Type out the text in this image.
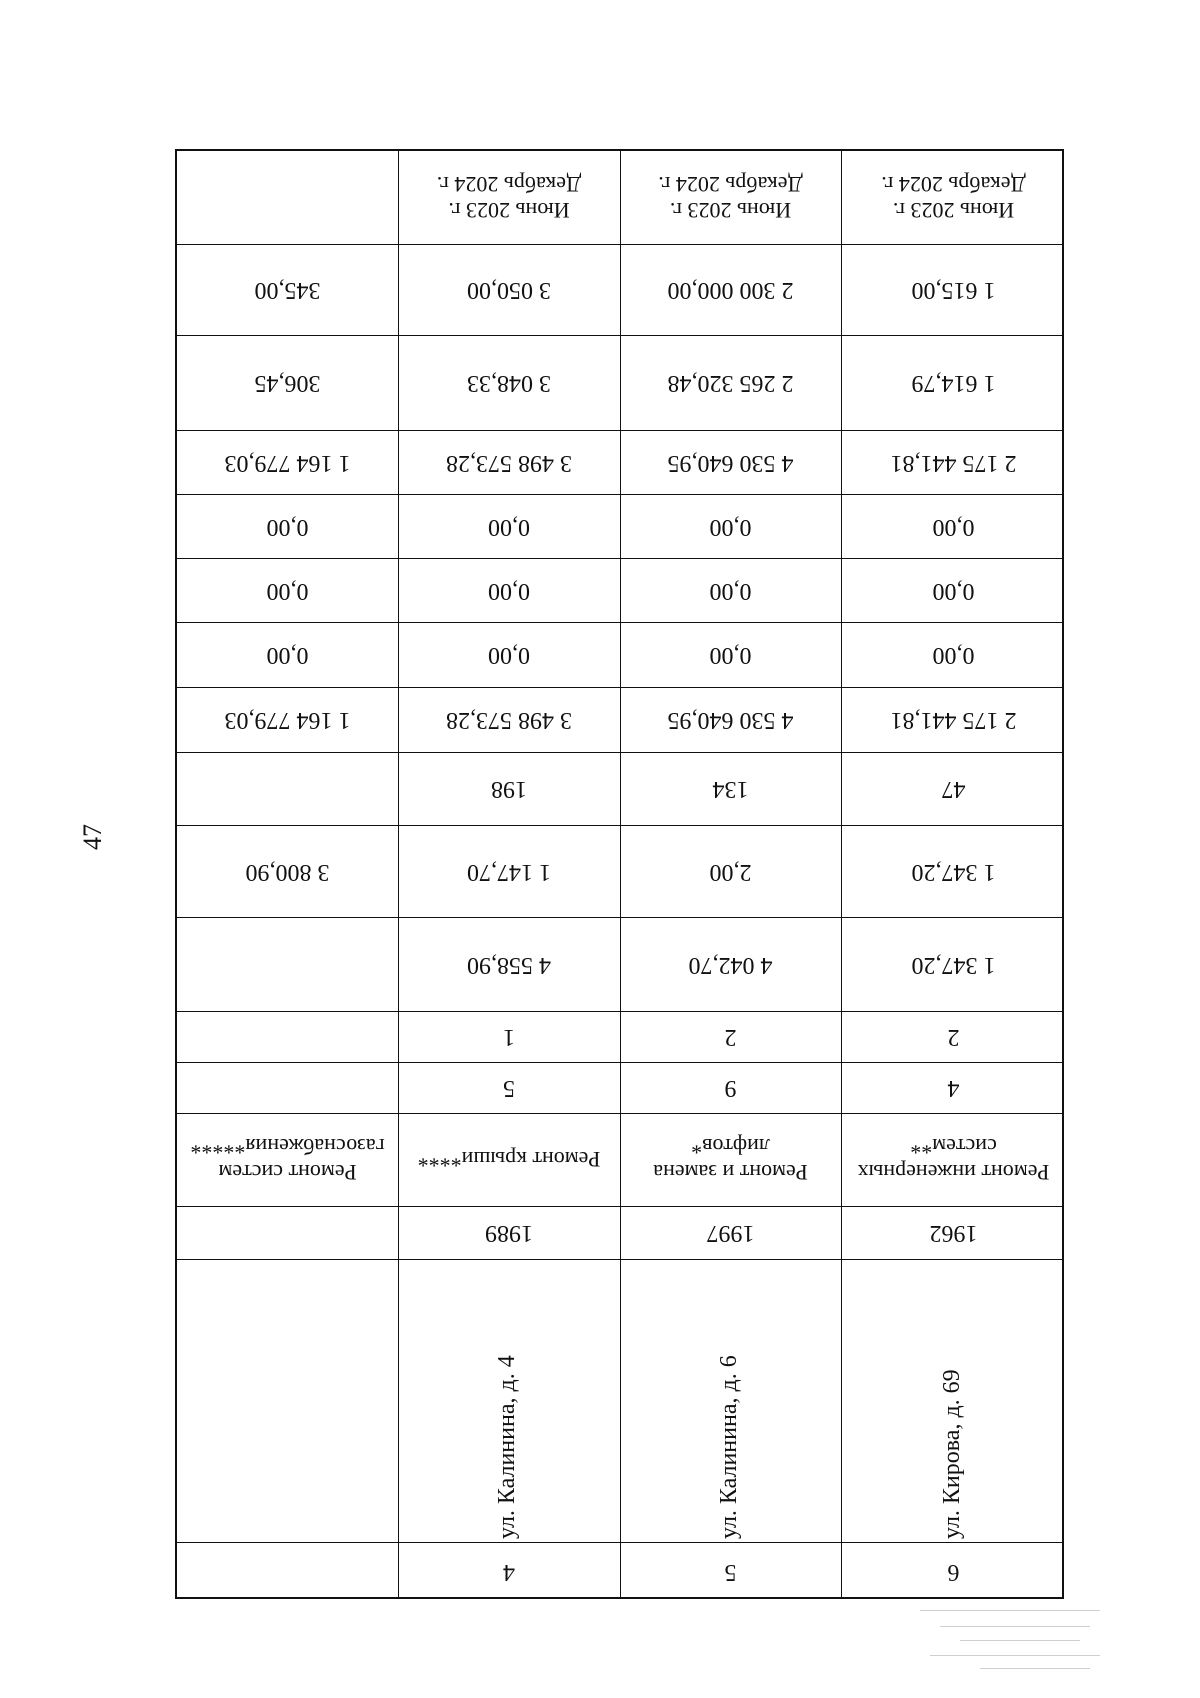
47
345,00
306,45
1 164 779,03
0,00
0,00
0,00
1 164 779,03
3 800,90
Ремонт систем
газоснабжения*****
Июнь 2023 г.
Декабрь 2024 г.
3 050,00
3 048,33
3 498 573,28
0,00
0,00
0,00
3 498 573,28
198
1 147,70
4 558,90
1
5
Ремонт крыши****
1989
ул. Калинина, д. 4
4
Июнь 2023 г.
Декабрь 2024 г.
2 300 000,00
2 265 320,48
4 530 640,95
0,00
0,00
0,00
4 530 640,95
134
2,00
4 042,70
2
9
Ремонт и замена
лифтов*
1997
ул. Калинина, д. 6
5
Июнь 2023 г.
Декабрь 2024 г.
1 615,00
1 614,79
2 175 441,81
0,00
0,00
0,00
2 175 441,81
47
1 347,20
1 347,20
2
4
Ремонт инженерных
систем**
1962
ул. Кирова, д. 69
6
